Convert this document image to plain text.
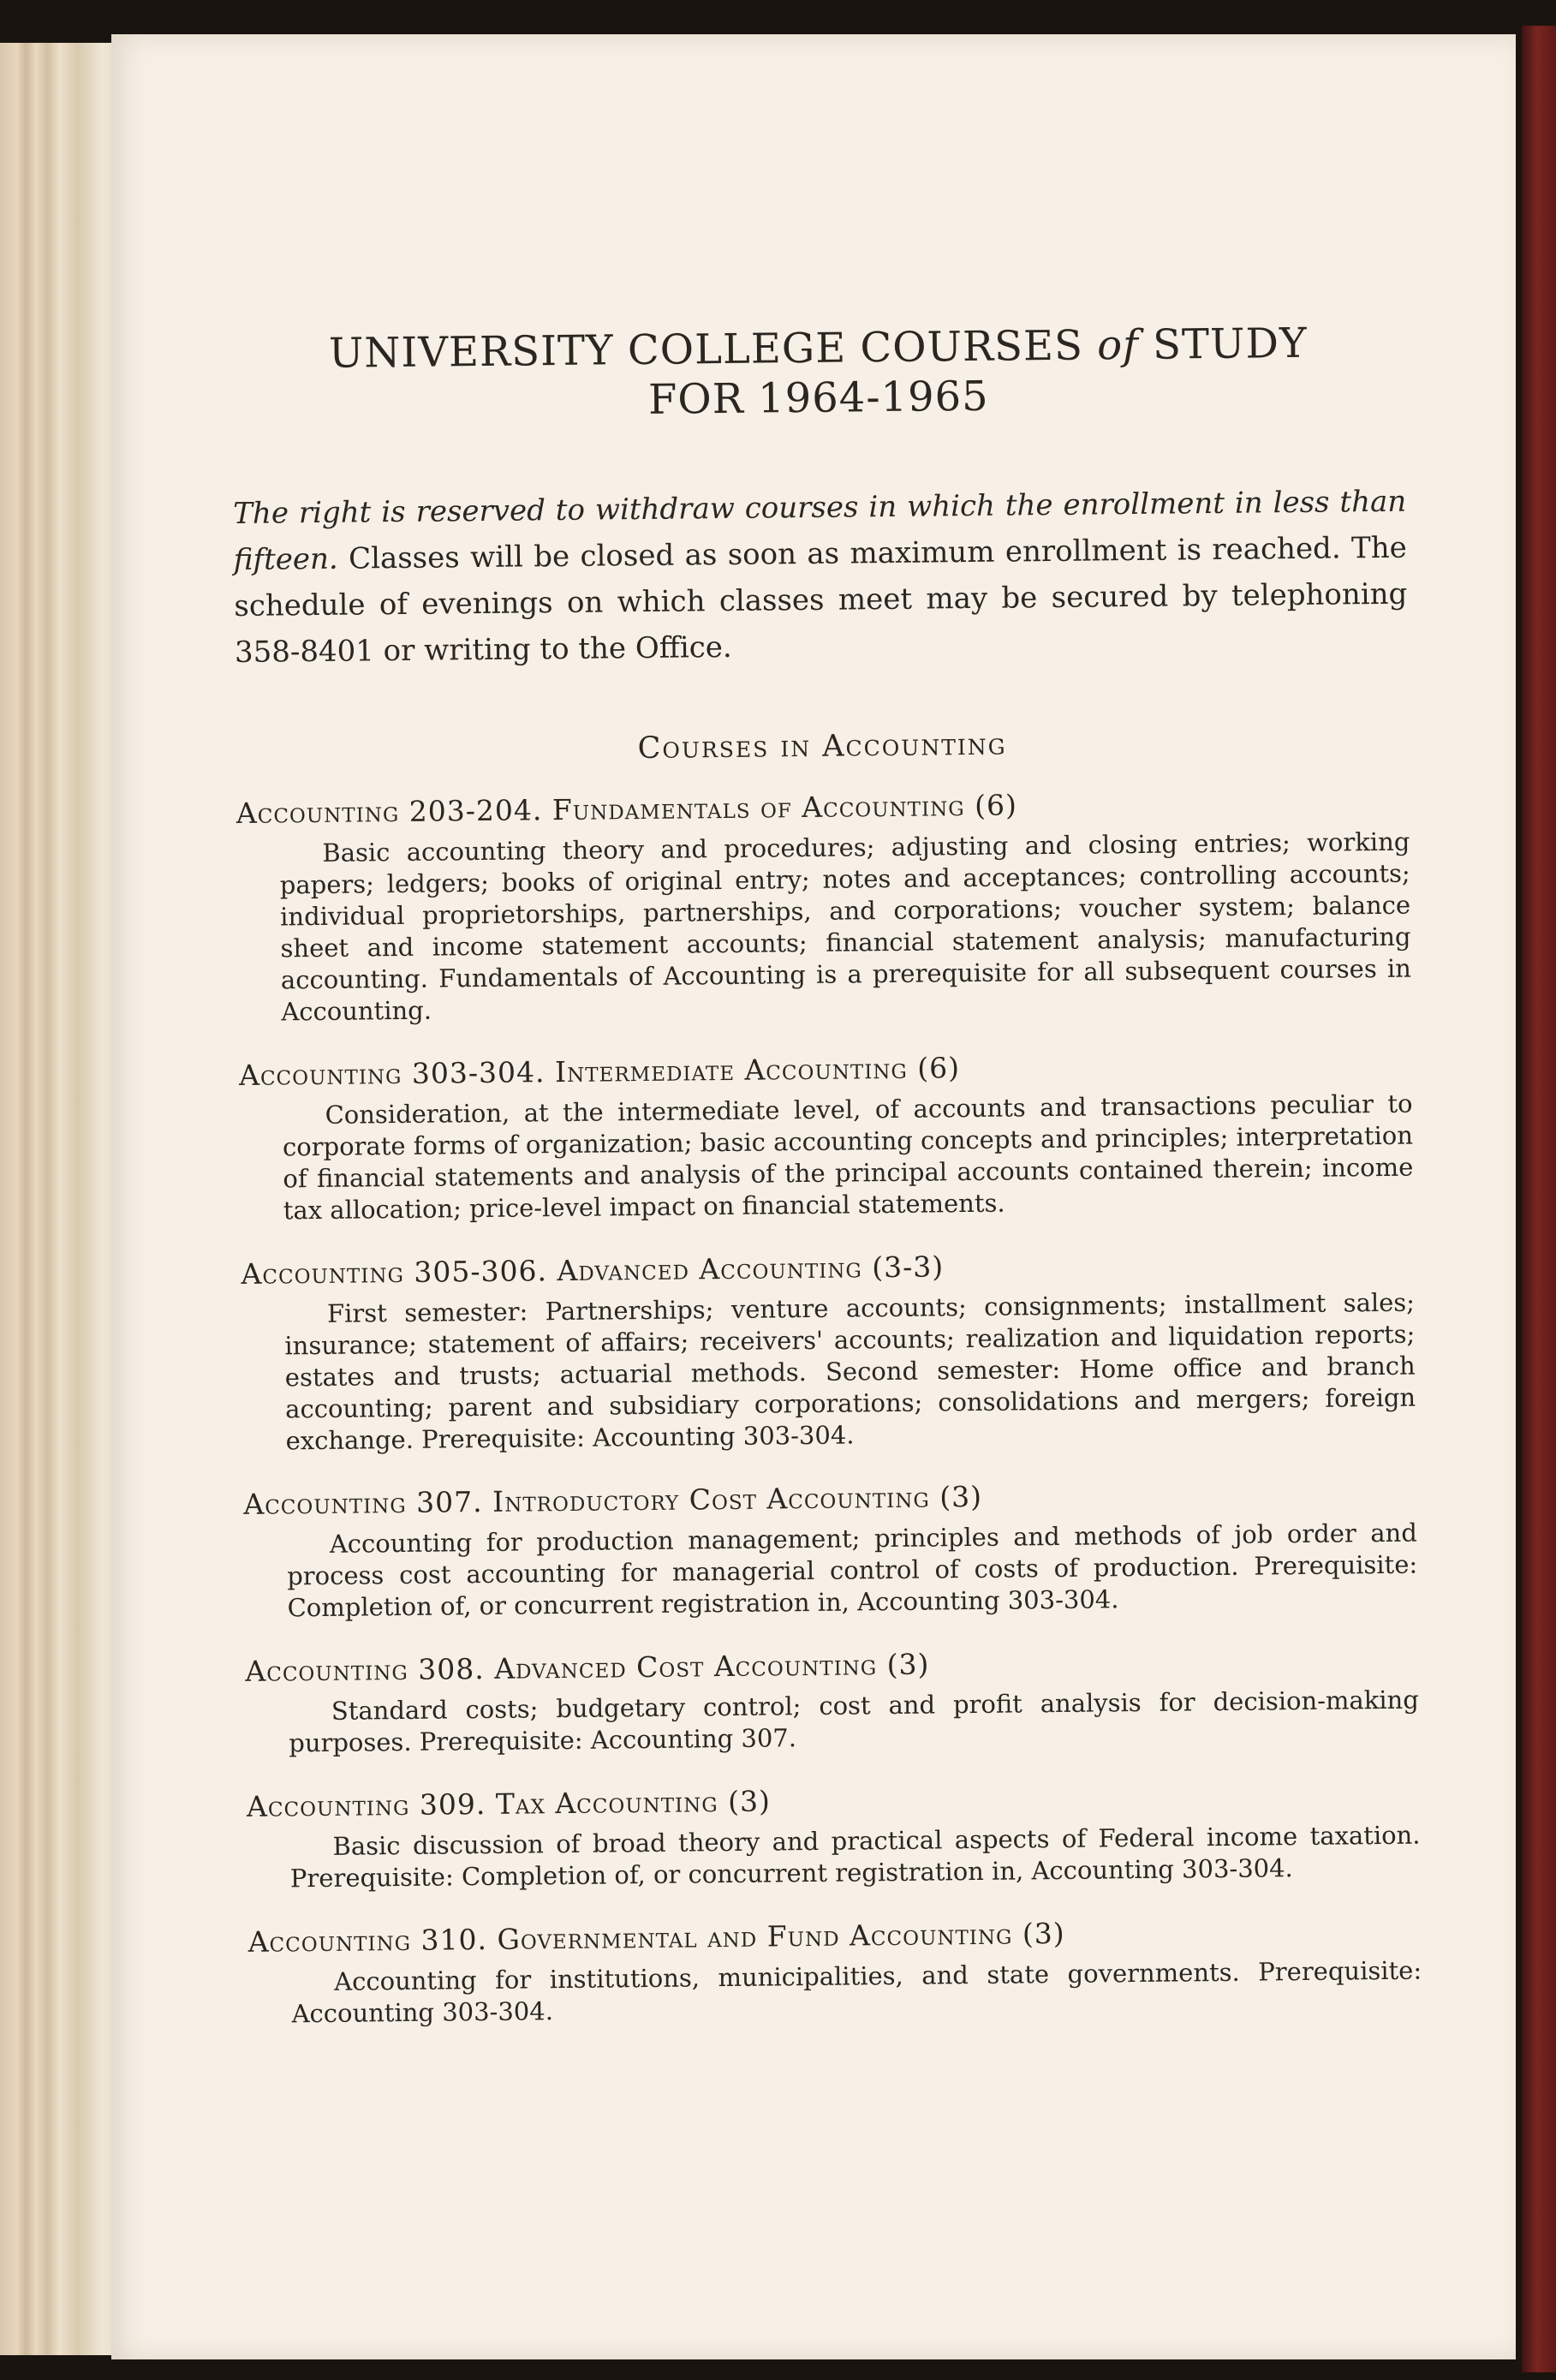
UNIVERSITY COLLEGE COURSES of STUDY
FOR 1964-1965

The right is reserved to withdraw courses in which the enrollment in less than fifteen. Classes will be closed as soon as maximum enrollment is reached. The schedule of evenings on which classes meet may be secured by telephoning 358-8401 or writing to the Office.

Courses in Accounting
Accounting 203-204. Fundamentals of Accounting (6)

Basic accounting theory and procedures; adjusting and closing entries; working papers; ledgers; books of original entry; notes and acceptances; controlling accounts; individual proprietorships, partnerships, and corporations; voucher system; balance sheet and income statement accounts; financial statement analysis; manufacturing accounting. Fundamentals of Accounting is a prerequisite for all subsequent courses in Accounting.

Accounting 303-304. Intermediate Accounting (6)

Consideration, at the intermediate level, of accounts and transactions peculiar to corporate forms of organization; basic accounting concepts and principles; interpretation of financial statements and analysis of the principal accounts contained therein; income tax allocation; price-level impact on financial statements.

Accounting 305-306. Advanced Accounting (3-3)

First semester: Partnerships; venture accounts; consignments; installment sales; insurance; statement of affairs; receivers' accounts; realization and liquidation reports; estates and trusts; actuarial methods. Second semester: Home office and branch accounting; parent and subsidiary corporations; consolidations and mergers; foreign exchange. Prerequisite: Accounting 303-304.

Accounting 307. Introductory Cost Accounting (3)

Accounting for production management; principles and methods of job order and process cost accounting for managerial control of costs of production. Prerequisite: Completion of, or concurrent registration in, Accounting 303-304.

Accounting 308. Advanced Cost Accounting (3)

Standard costs; budgetary control; cost and profit analysis for decision-making purposes. Prerequisite: Accounting 307.

Accounting 309. Tax Accounting (3)

Basic discussion of broad theory and practical aspects of Federal income taxation. Prerequisite: Completion of, or concurrent registration in, Accounting 303-304.

Accounting 310. Governmental and Fund Accounting (3)

Accounting for institutions, municipalities, and state governments. Prerequisite: Accounting 303-304.
